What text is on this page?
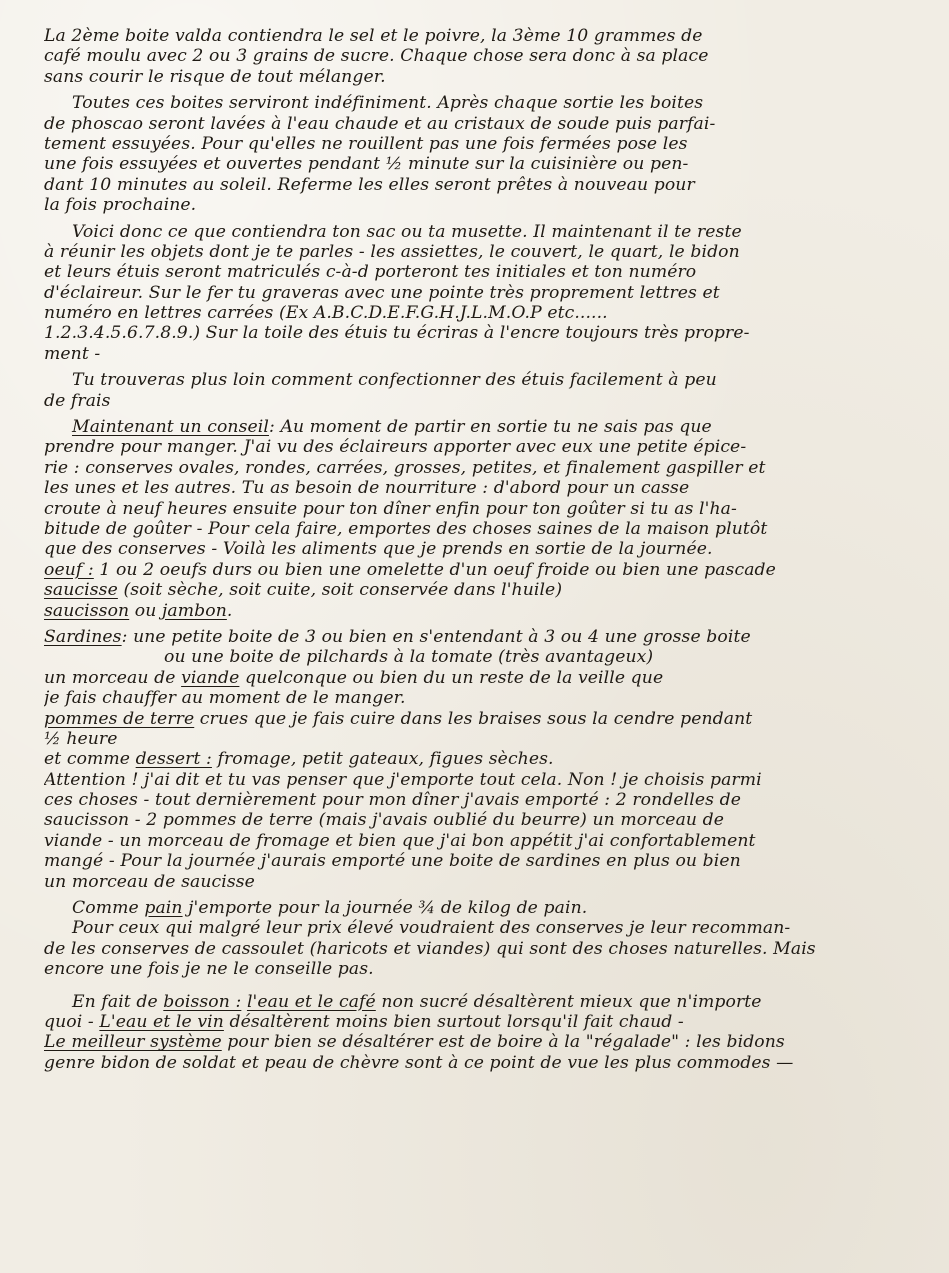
La 2ème boite valda contiendra le sel et le poivre, la 3ème 10 grammes de
café moulu avec 2 ou 3 grains de sucre. Chaque chose sera donc à sa place
sans courir le risque de tout mélanger.
Toutes ces boites serviront indéfiniment. Après chaque sortie les boites
de phoscao seront lavées à l'eau chaude et au cristaux de soude puis parfai-
tement essuyées. Pour qu'elles ne rouillent pas une fois fermées pose les
une fois essuyées et ouvertes pendant ½ minute sur la cuisinière ou pen-
dant 10 minutes au soleil. Referme les elles seront prêtes à nouveau pour
la fois prochaine.
Voici donc ce que contiendra ton sac ou ta musette. Il maintenant il te reste
à réunir les objets dont je te parles - les assiettes, le couvert, le quart, le bidon
et leurs étuis seront matriculés c-à-d porteront tes initiales et ton numéro
d'éclaireur. Sur le fer tu graveras avec une pointe très proprement lettres et
numéro en lettres carrées (Ex A.B.C.D.E.F.G.H.J.L.M.O.P etc......
1.2.3.4.5.6.7.8.9.) Sur la toile des étuis tu écriras à l'encre toujours très propre-
ment -
Tu trouveras plus loin comment confectionner des étuis facilement à peu
de frais
Maintenant un conseil: Au moment de partir en sortie tu ne sais pas que
prendre pour manger. J'ai vu des éclaireurs apporter avec eux une petite épice-
rie : conserves ovales, rondes, carrées, grosses, petites, et finalement gaspiller et
les unes et les autres. Tu as besoin de nourriture : d'abord pour un casse
croute à neuf heures ensuite pour ton dîner enfin pour ton goûter si tu as l'ha-
bitude de goûter - Pour cela faire, emportes des choses saines de la maison plutôt
que des conserves - Voilà les aliments que je prends en sortie de la journée.
oeuf : 1 ou 2 oeufs durs ou bien une omelette d'un oeuf froide ou bien une pascade
saucisse (soit sèche, soit cuite, soit conservée dans l'huile)
saucisson ou jambon.
Sardines: une petite boite de 3 ou bien en s'entendant à 3 ou 4 une grosse boite
ou une boite de pilchards à la tomate (très avantageux)
un morceau de viande quelconque ou bien du un reste de la veille que
je fais chauffer au moment de le manger.
pommes de terre crues que je fais cuire dans les braises sous la cendre pendant
½ heure
et comme dessert : fromage, petit gateaux, figues sèches.
Attention ! j'ai dit et tu vas penser que j'emporte tout cela. Non ! je choisis parmi
ces choses - tout dernièrement pour mon dîner j'avais emporté : 2 rondelles de
saucisson - 2 pommes de terre (mais j'avais oublié du beurre) un morceau de
viande - un morceau de fromage et bien que j'ai bon appétit j'ai confortablement
mangé - Pour la journée j'aurais emporté une boite de sardines en plus ou bien
un morceau de saucisse
Comme pain j'emporte pour la journée ¾ de kilog de pain.
Pour ceux qui malgré leur prix élevé voudraient des conserves je leur recomman-
de les conserves de cassoulet (haricots et viandes) qui sont des choses naturelles. Mais
encore une fois je ne le conseille pas.
En fait de boisson : l'eau et le café non sucré désaltèrent mieux que n'importe
quoi - L'eau et le vin désaltèrent moins bien surtout lorsqu'il fait chaud -
Le meilleur système pour bien se désaltérer est de boire à la "régalade" : les bidons
genre bidon de soldat et peau de chèvre sont à ce point de vue les plus commodes —
